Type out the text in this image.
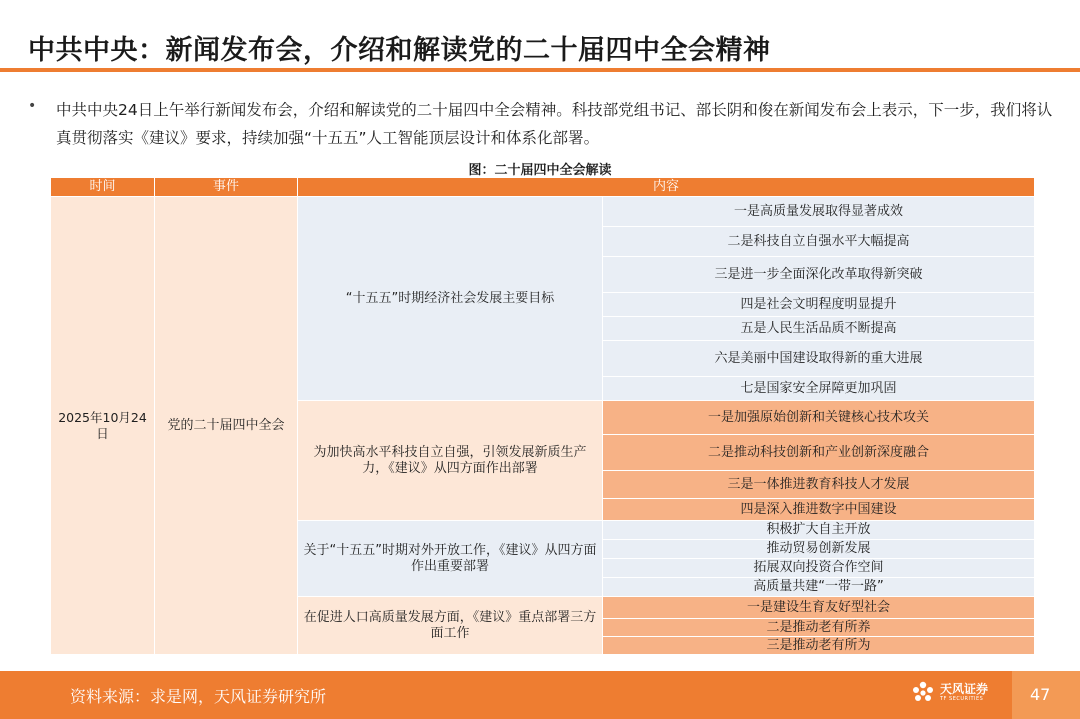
中共中央：新闻发布会，介绍和解读党的二十届四中全会精神
• 中共中央24日上午举行新闻发布会，介绍和解读党的二十届四中全会精神。科技部党组书记、部长阴和俊在新闻发布会上表示，下一步，我们将认真贯彻落实《建议》要求，持续加强“十五五”人工智能顶层设计和体系化部署。
图：二十届四中全会解读
时间	事件	内容	
2025年10月24日	党的二十届四中全会	“十五五”时期经济社会发展主要目标	一是高质量发展取得显著成效
			二是科技自立自强水平大幅提高
			三是进一步全面深化改革取得新突破
			四是社会文明程度明显提升
			五是人民生活品质不断提高
			六是美丽中国建设取得新的重大进展
			七是国家安全屏障更加巩固
		为加快高水平科技自立自强，引领发展新质生产力，《建议》从四方面作出部署	一是加强原始创新和关键核心技术攻关
			二是推动科技创新和产业创新深度融合
			三是一体推进教育科技人才发展
			四是深入推进数字中国建设
		关于“十五五”时期对外开放工作，《建议》从四方面作出重要部署	积极扩大自主开放
			推动贸易创新发展
			拓展双向投资合作空间
			高质量共建“一带一路”
		在促进人口高质量发展方面，《建议》重点部署三方面工作	一是建设生育友好型社会
			二是推动老有所养
			三是推动老有所为
资料来源：求是网，天风证券研究所	天风证券
TF SECURITIES	47
